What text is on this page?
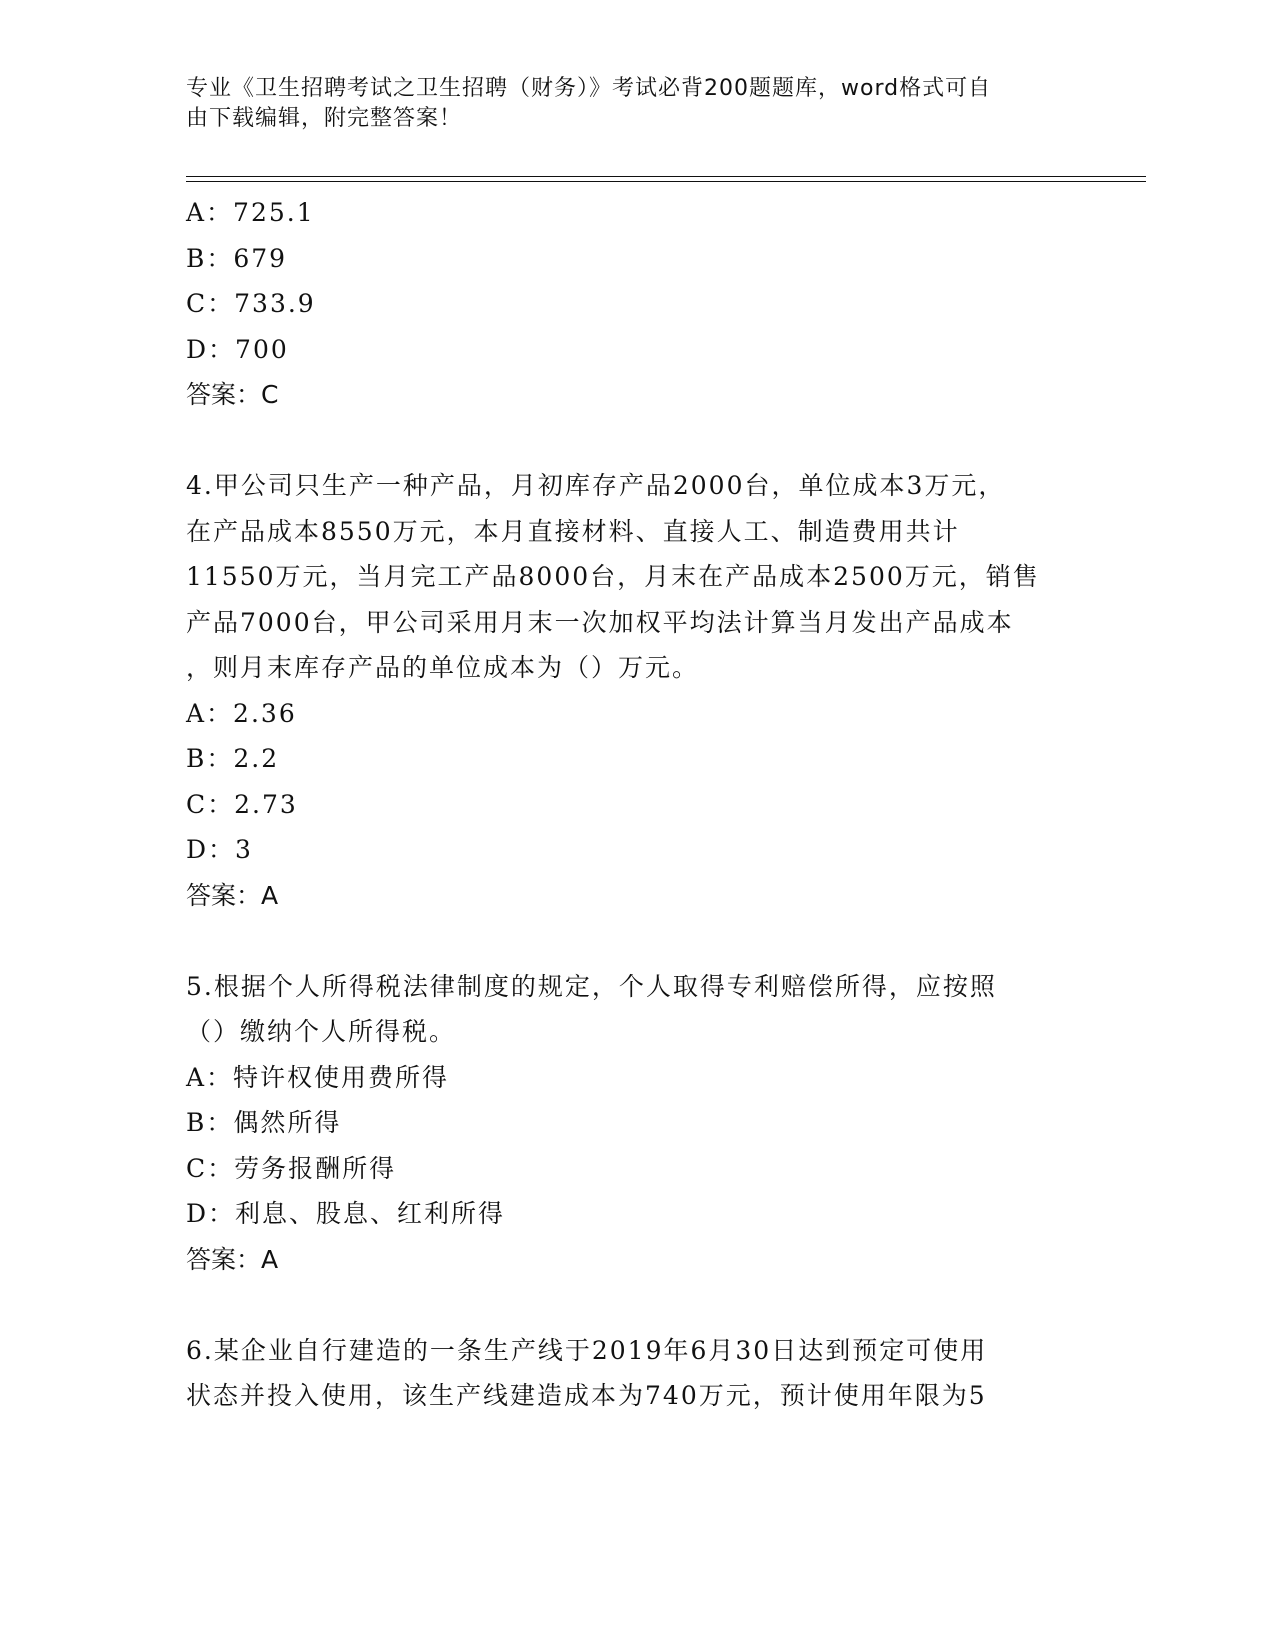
专业《卫生招聘考试之卫生招聘（财务）》考试必背200题题库，word格式可自
由下载编辑，附完整答案！
A：725.1
B：679
C：733.9
D：700
答案：C
4.甲公司只生产一种产品，月初库存产品2000台，单位成本3万元，
在产品成本8550万元，本月直接材料、直接人工、制造费用共计
11550万元，当月完工产品8000台，月末在产品成本2500万元，销售
产品7000台，甲公司采用月末一次加权平均法计算当月发出产品成本
，则月末库存产品的单位成本为（）万元。
A：2.36
B：2.2
C：2.73
D：3
答案：A
5.根据个人所得税法律制度的规定，个人取得专利赔偿所得，应按照
（）缴纳个人所得税。
A：特许权使用费所得
B：偶然所得
C：劳务报酬所得
D：利息、股息、红利所得
答案：A
6.某企业自行建造的一条生产线于2019年6月30日达到预定可使用
状态并投入使用，该生产线建造成本为740万元，预计使用年限为5
